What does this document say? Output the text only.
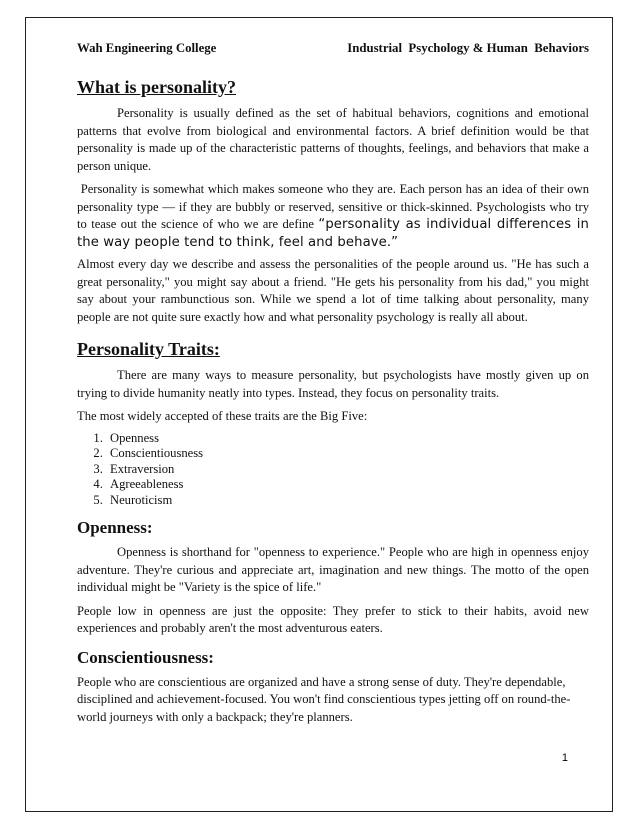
Wah Engineering College	Industrial  Psychology & Human  Behaviors
What is personality?

Personality is usually defined as the set of habitual behaviors, cognitions and emotional patterns that evolve from biological and environmental factors. A brief definition would be that personality is made up of the characteristic patterns of thoughts, feelings, and behaviors that make a person unique.

Personality is somewhat which makes someone who they are. Each person has an idea of their own personality type — if they are bubbly or reserved, sensitive or thick-skinned. Psychologists who try to tease out the science of who we are define “personality as individual differences in the way people tend to think, feel and behave.”

Almost every day we describe and assess the personalities of the people around us. "He has such a great personality," you might say about a friend. "He gets his personality from his dad," you might say about your rambunctious son. While we spend a lot of time talking about personality, many people are not quite sure exactly how and what personality psychology is really all about.

Personality Traits:

There are many ways to measure personality, but psychologists have mostly given up on trying to divide humanity neatly into types. Instead, they focus on personality traits.

The most widely accepted of these traits are the Big Five:

1. Openness
2. Conscientiousness
3. Extraversion
4. Agreeableness
5. Neuroticism
Openness:

Openness is shorthand for "openness to experience." People who are high in openness enjoy adventure. They're curious and appreciate art, imagination and new things. The motto of the open individual might be "Variety is the spice of life."

People low in openness are just the opposite: They prefer to stick to their habits, avoid new experiences and probably aren't the most adventurous eaters.

Conscientiousness:

People who are conscientious are organized and have a strong sense of duty. They're dependable, disciplined and achievement-focused. You won't find conscientious types jetting off on round-the-world journeys with only a backpack; they're planners.

1
